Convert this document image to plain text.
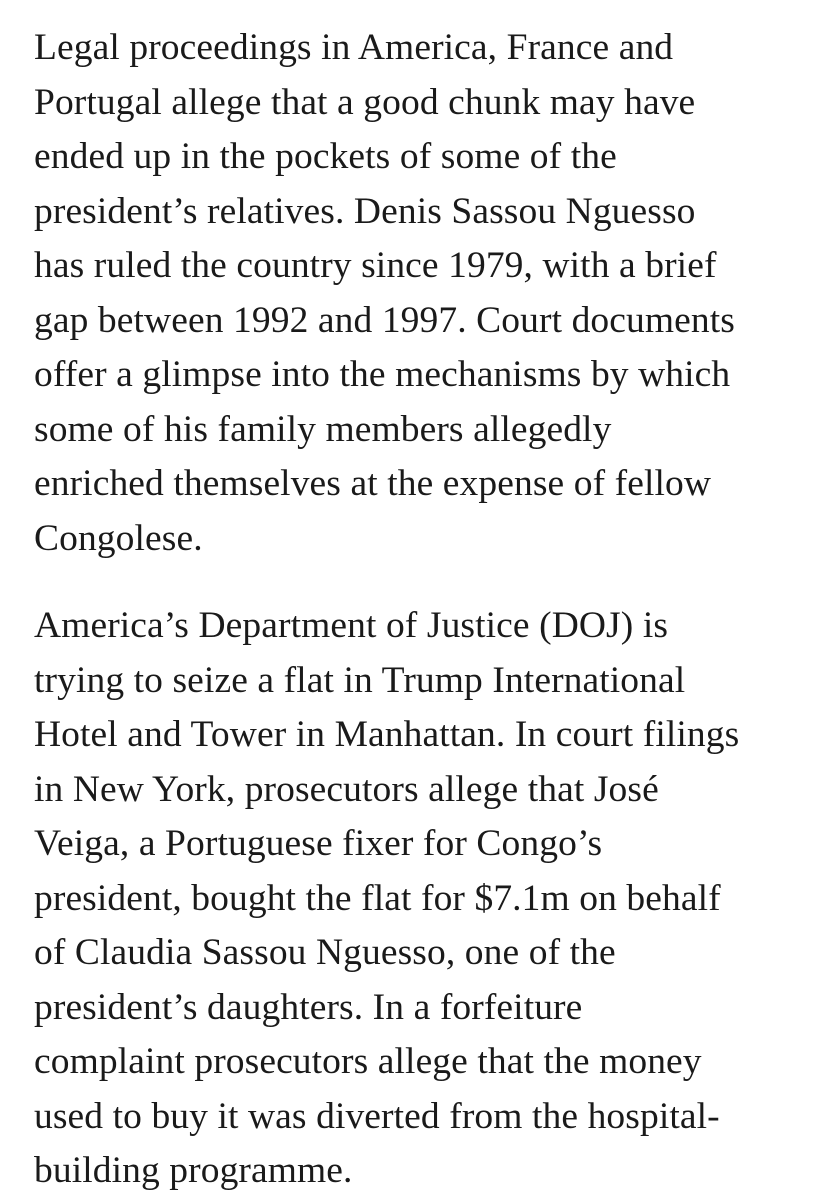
Legal proceedings in America, France and
Portugal allege that a good chunk may have
ended up in the pockets of some of the
president’s relatives. Denis Sassou Nguesso
has ruled the country since 1979, with a brief
gap between 1992 and 1997. Court documents
offer a glimpse into the mechanisms by which
some of his family members allegedly
enriched themselves at the expense of fellow
Congolese.

America’s Department of Justice (DOJ) is
trying to seize a flat in Trump International
Hotel and Tower in Manhattan. In court filings
in New York, prosecutors allege that José
Veiga, a Portuguese fixer for Congo’s
president, bought the flat for $7.1m on behalf
of Claudia Sassou Nguesso, one of the
president’s daughters. In a forfeiture
complaint prosecutors allege that the money
used to buy it was diverted from the hospital-
building programme.
